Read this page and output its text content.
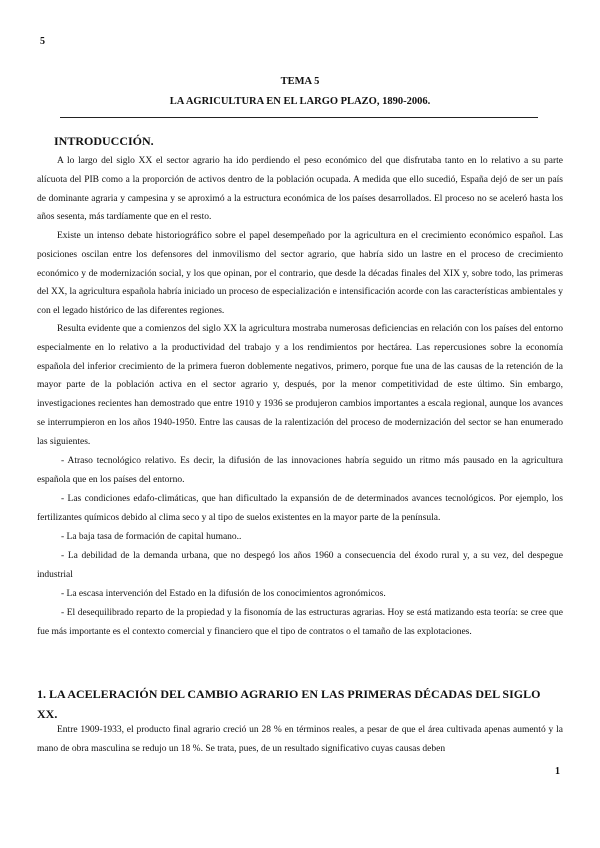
5
TEMA 5
LA AGRICULTURA EN EL LARGO PLAZO, 1890-2006.
INTRODUCCIÓN.
A lo largo del siglo XX el sector agrario ha ido perdiendo el peso económico del que disfrutaba tanto en lo relativo a su parte alícuota del PIB como a la proporción de activos dentro de la población ocupada. A medida que ello sucedió, España dejó de ser un país de dominante agraria y campesina y se aproximó a la estructura económica de los países desarrollados. El proceso no se aceleró hasta los años sesenta, más tardíamente que en el resto.
Existe un intenso debate historiográfico sobre el papel desempeñado por la agricultura en el crecimiento económico español. Las posiciones oscilan entre los defensores del inmovilismo del sector agrario, que habría sido un lastre en el proceso de crecimiento económico y de modernización social, y los que opinan, por el contrario, que desde la décadas finales del XIX y, sobre todo, las primeras del XX, la agricultura española habría iniciado un proceso de especialización e intensificación acorde con las características ambientales y con el legado histórico de las diferentes regiones.
Resulta evidente que a comienzos del siglo XX la agricultura mostraba numerosas deficiencias en relación con los países del entorno especialmente en lo relativo a la productividad del trabajo y a los rendimientos por hectárea. Las repercusiones sobre la economía española del inferior crecimiento de la primera fueron doblemente negativos, primero, porque fue una de las causas de la retención de la mayor parte de la población activa en el sector agrario y, después, por la menor competitividad de este último. Sin embargo, investigaciones recientes han demostrado que entre 1910 y 1936 se produjeron cambios importantes a escala regional, aunque los avances se interrumpieron en los años 1940-1950. Entre las causas de la ralentización del proceso de modernización del sector se han enumerado las siguientes.
- Atraso tecnológico relativo. Es decir, la difusión de las innovaciones habría seguido un ritmo más pausado en la agricultura española que en los países del entorno.
- Las condiciones edafo-climáticas, que han dificultado la expansión de de determinados avances tecnológicos. Por ejemplo, los fertilizantes químicos debido al clima seco y al tipo de suelos existentes en la mayor parte de la península.
- La baja tasa de formación de capital humano..
- La debilidad de la demanda urbana, que no despegó los años 1960 a consecuencia del éxodo rural y, a su vez, del despegue industrial
- La escasa intervención del Estado en la difusión de los conocimientos agronómicos.
- El desequilibrado reparto de la propiedad y la fisonomía de las estructuras agrarias. Hoy se está matizando esta teoría: se cree que fue más importante es el contexto comercial y financiero que el tipo de contratos o el tamaño de las explotaciones.
1. LA ACELERACIÓN DEL CAMBIO AGRARIO EN LAS PRIMERAS DÉCADAS DEL SIGLO XX.
Entre 1909-1933, el producto final agrario creció un 28 % en términos reales, a pesar de que el área cultivada apenas aumentó y la mano de obra masculina se redujo un 18 %. Se trata, pues, de un resultado significativo cuyas causas deben
1
